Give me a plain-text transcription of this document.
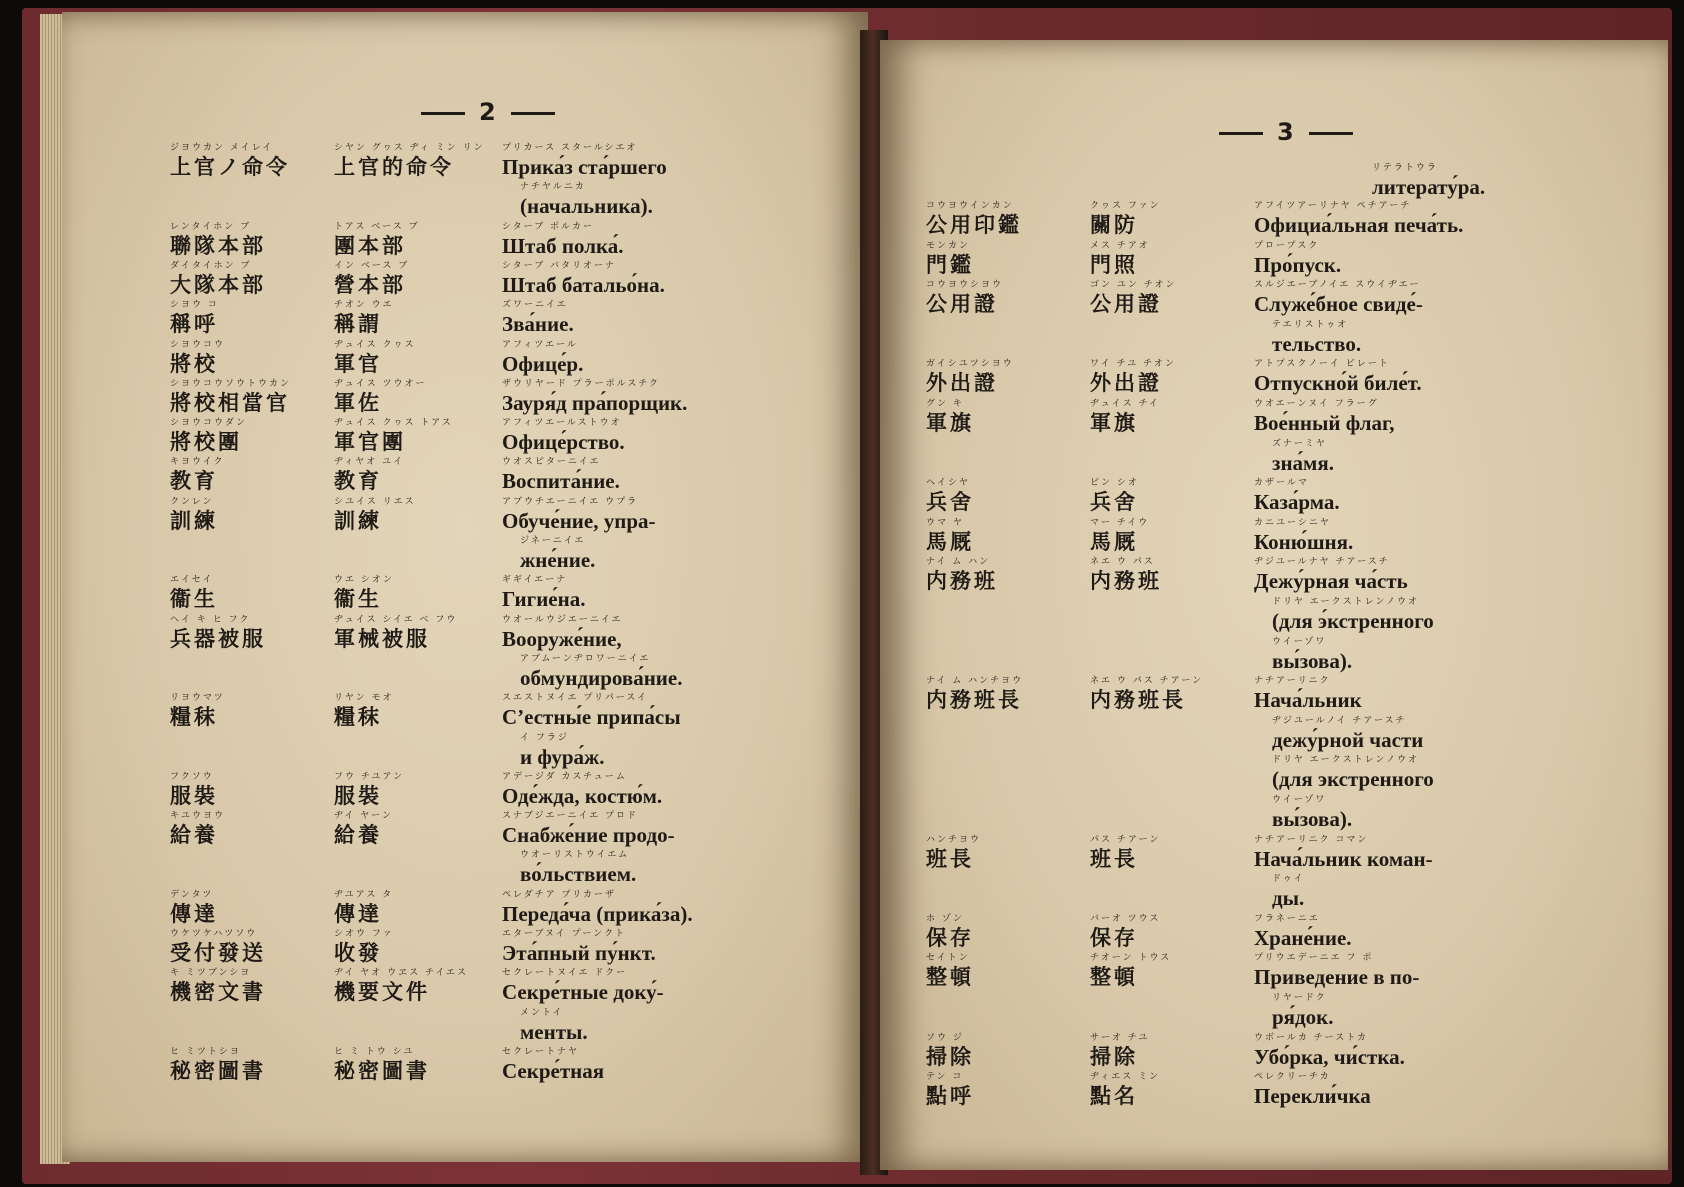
2
ジヨウカン メイレイ
上官ノ命令
シヤン グヮス ヂィ ミン リン
上官的命令
プリカース スタールシエオ
Прика́з ста́ршего
ナチヤルニカ
(начальника).
レンタイホン ブ
聯隊本部
トアス ベース ブ
團本部
シターブ ポルカー
Штаб полка́.
ダイタイホン ブ
大隊本部
イン ベース ブ
營本部
シターブ バタリオーナ
Штаб батальо́на.
シヨウ コ
稱呼
チオン ウエ
稱謂
ズワーニイエ
Зва́ние.
シヨウコウ
將校
ヂュイス クヮス
軍官
アフィツエール
Офице́р.
シヨウコウソウトウカン
將校相當官
ヂュイス ツウオー
軍佐
ザウリヤード プラーポルスチク
Зауря́д пра́порщик.
シヨウコウダン
將校團
ヂュイス クヮス トアス
軍官團
アフィツエールストウオ
Офице́рство.
キヨウイク
教育
ヂィヤオ ユイ
教育
ウオスピターニイエ
Воспита́ние.
クンレン
訓練
シユイス リエス
訓練
アブウチエーニイエ ウプラ
Обуче́ние, упра-
ジネーニイエ
жне́ние.
エイセイ
衞生
ウエ シオン
衞生
ギギイエーナ
Гигие́на.
ヘイ キ ヒ フク
兵器被服
ヂュイス シイエ ベ フウ
軍械被服
ウオールウジエーニイエ
Вооруже́ние,
アブムーンヂロワーニイエ
обмундирова́ние.
リヨウマツ
糧秣
リヤン モオ
糧秣
スエストヌイエ プリパースイ
С’естны́е припа́сы
イ フラジ
и фура́ж.
フクソウ
服裝
フウ チユアン
服裝
アデージダ カスチューム
Оде́жда, костю́м.
キユウヨウ
給養
ヂイ ヤーン
給養
スナブジエーニイエ プロド
Снабже́ние продо-
ウオーリストウイエム
во́льствием.
デンタツ
傳達
ヂユアス タ
傳達
ペレダチア プリカーザ
Переда́ча (прика́за).
ウケツケハツソウ
受付發送
シオウ ファ
收發
エターブヌイ プーンクト
Эта́пный пу́нкт.
キ ミツブンシヨ
機密文書
ヂイ ヤオ ウヱス チイエス
機要文件
セクレートヌイエ ドクー
Секре́тные доку́-
メントイ
менты.
ヒ ミツトシヨ
秘密圖書
ヒ ミ トウ シユ
秘密圖書
セクレートナヤ
Секре́тная
3
リテラトウラ
литерату́ра.
コウヨウインカン
公用印鑑
クヮス ファン
關防
アフイツアーリナヤ ペチアーチ
Официа́льная печа́ть.
モンカン
門鑑
メス チアオ
門照
プロープスク
Про́пуск.
コウヨウシヨウ
公用證
ゴン ユン チオン
公用證
スルジエーブノイエ スウイヂエー
Служе́бное свиде́-
テエリストゥオ
тельство.
ガイシユツシヨウ
外出證
ワイ チユ チオン
外出證
アトプスクノーイ ビレート
Отпускно́й биле́т.
グン キ
軍旗
ヂュイス チイ
軍旗
ウオエーンヌイ フラーグ
Вое́нный флаг,
ズナーミヤ
зна́мя.
ヘイシヤ
兵舍
ピン シオ
兵舍
カザールマ
Каза́рма.
ウマ ヤ
馬厩
マー チイウ
馬厩
カニユーシニヤ
Коню́шня.
ナイ ム ハン
内務班
ネエ ウ パス
内務班
ヂジユールナヤ チアースチ
Дежу́рная ча́сть
ドリヤ エークストレンノウオ
(для э́кстренного
ウイーゾワ
вы́зова).
ナイ ム ハンチヨウ
内務班長
ネエ ウ パス チアーン
内務班長
ナチアーリニク
Нача́льник
ヂジユールノイ チアースチ
дежу́рной части
ドリヤ エークストレンノウオ
(для экстренного
ウイーゾワ
вы́зова).
ハンチヨウ
班長
パス チアーン
班長
ナチアーリニク コマン
Нача́льник коман-
ドゥイ
ды.
ホ ゾン
保存
バーオ ツウス
保存
フラネーニエ
Хране́ние.
セイトン
整頓
チオーン トウス
整頓
プリウエデーニエ フ ポ
Приведение в по-
リヤードク
ря́док.
ソウ ジ
掃除
サーオ チユ
掃除
ウボールカ チーストカ
Убо́рка, чи́стка.
テン コ
點呼
ヂィエス ミン
點名
ペレクリーチカ
Перекли́чка
